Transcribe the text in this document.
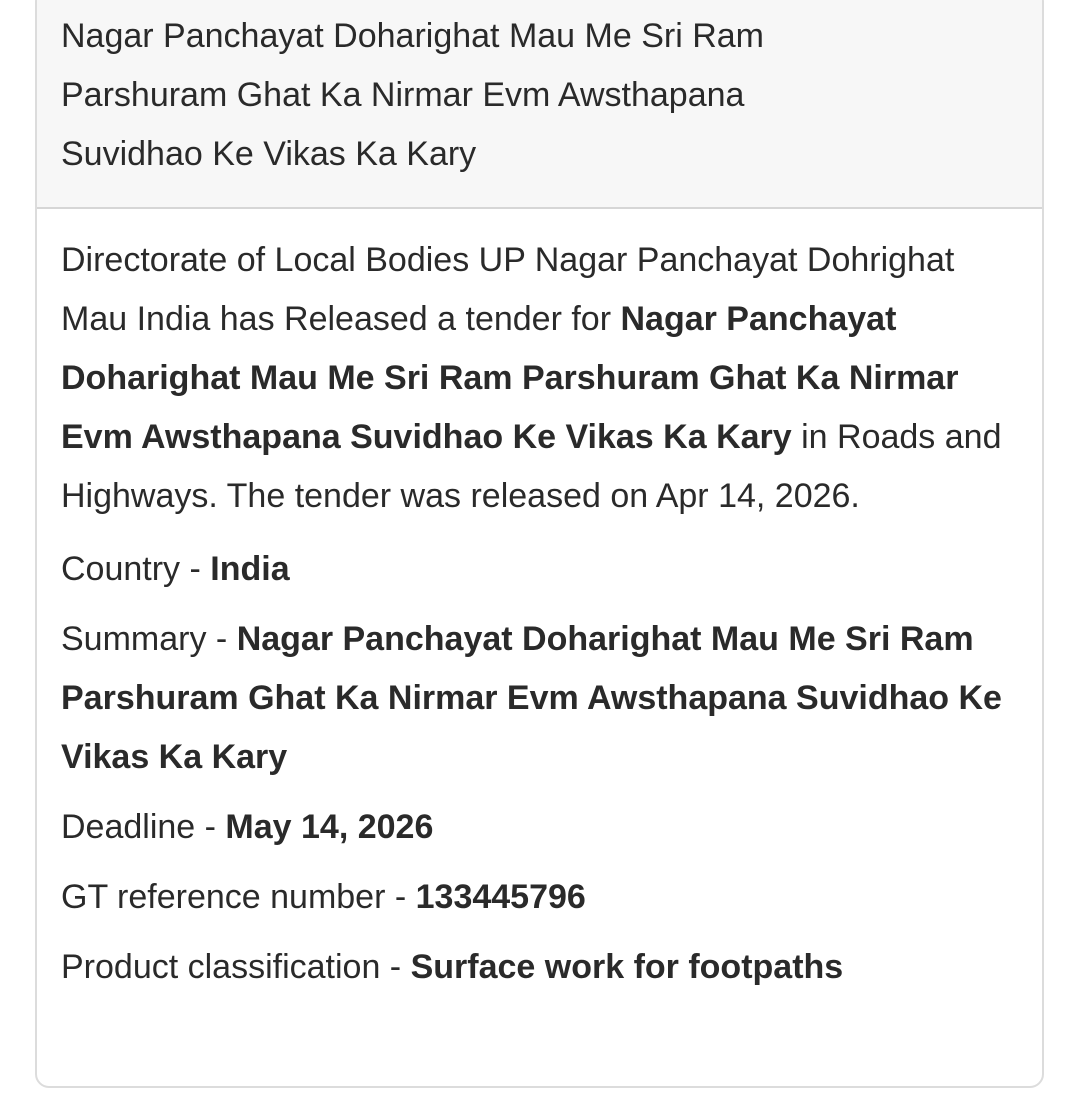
Nagar Panchayat Doharighat Mau Me Sri Ram Parshuram Ghat Ka Nirmar Evm Awsthapana Suvidhao Ke Vikas Ka Kary

Directorate of Local Bodies UP Nagar Panchayat Dohrighat Mau India has Released a tender for Nagar Panchayat Doharighat Mau Me Sri Ram Parshuram Ghat Ka Nirmar Evm Awsthapana Suvidhao Ke Vikas Ka Kary in Roads and Highways. The tender was released on Apr 14, 2026.

Country - India

Summary - Nagar Panchayat Doharighat Mau Me Sri Ram Parshuram Ghat Ka Nirmar Evm Awsthapana Suvidhao Ke Vikas Ka Kary

Deadline - May 14, 2026

GT reference number - 133445796

Product classification - Surface work for footpaths
